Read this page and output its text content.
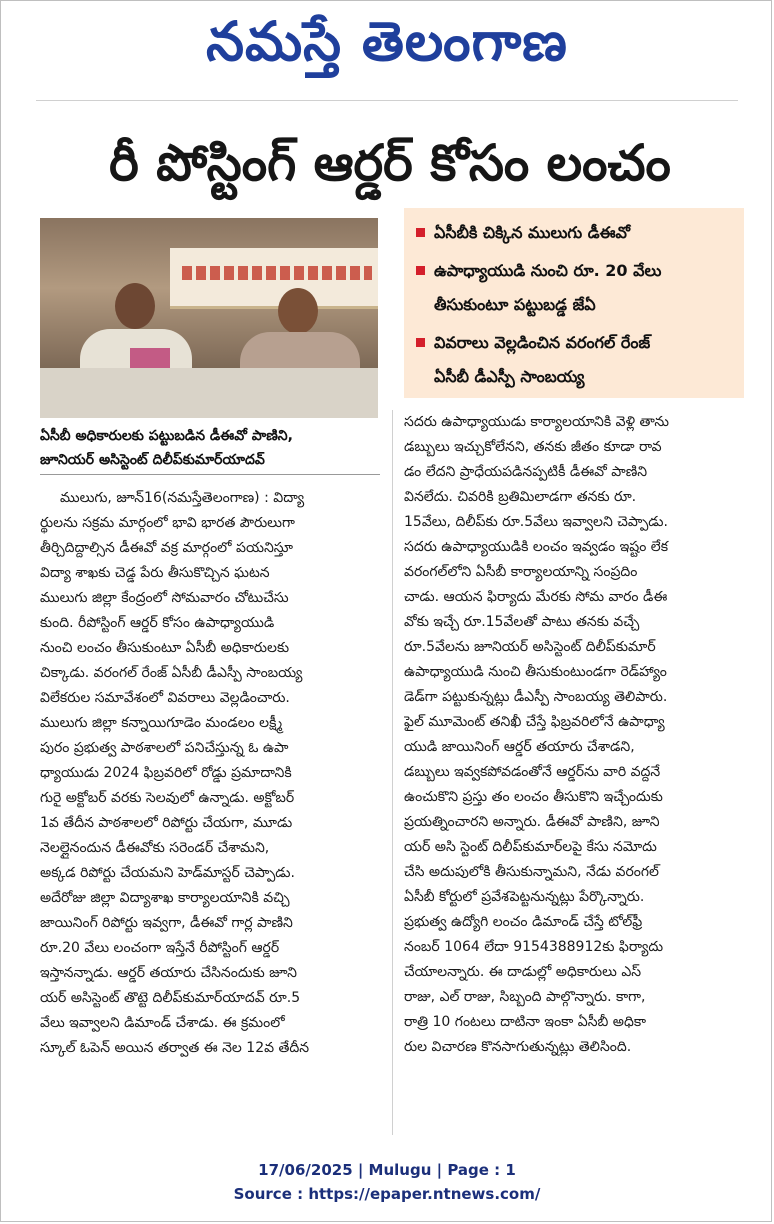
నమస్తే తెలంగాణ
రీ పోస్టింగ్ ఆర్డర్ కోసం లంచం
ఏసీబీ అధికారులకు పట్టుబడిన డీఈవో పాణిని,
జూనియర్ అసిస్టెంట్ దిలీప్‌కుమార్‌యాదవ్
ఏసీబీకి చిక్కిన ములుగు డీఈవో
ఉపాధ్యాయుడి నుంచి రూ. 20 వేలు
తీసుకుంటూ పట్టుబడ్డ జేఏ
వివరాలు వెల్లడించిన వరంగల్ రేంజ్
ఏసీబీ డీఎస్పీ సాంబయ్య

ములుగు, జూన్16(నమస్తేతెలంగాణ) : విద్యా

ర్థులను సక్రమ మార్గంలో భావి భారత పౌరులుగా

తీర్చిదిద్దాల్సిన డీఈవో వక్ర మార్గంలో పయనిస్తూ

విద్యా శాఖకు చెడ్డ పేరు తీసుకొచ్చిన ఘటన

ములుగు జిల్లా కేంద్రంలో సోమవారం చోటుచేసు

కుంది. రీపోస్టింగ్ ఆర్డర్ కోసం ఉపాధ్యాయుడి

నుంచి లంచం తీసుకుంటూ ఏసీబీ అధికారులకు

చిక్కాడు. వరంగల్ రేంజ్ ఏసీబీ డీఎస్పీ సాంబయ్య

విలేకరుల సమావేశంలో వివరాలు వెల్లడించారు.

ములుగు జిల్లా కన్నాయిగూడెం మండలం లక్ష్మీ

పురం ప్రభుత్వ పాఠశాలలో పనిచేస్తున్న ఓ ఉపా

ధ్యాయుడు 2024 ఫిబ్రవరిలో రోడ్డు ప్రమాదానికి

గురై అక్టోబర్ వరకు సెలవులో ఉన్నాడు. అక్టోబర్

1వ తేదీన పాఠశాలలో రిపోర్టు చేయగా, మూడు

నెలల్లైనందున డీఈవోకు సరెండర్ చేశామని,

అక్కడ రిపోర్టు చేయమని హెడ్‌మాస్టర్ చెప్పాడు.

అదేరోజు జిల్లా విద్యాశాఖ కార్యాలయానికి వచ్చి

జాయినింగ్ రిపోర్టు ఇవ్వగా, డీఈవో గార్ల పాణిని

రూ.20 వేలు లంచంగా ఇస్తేనే రీపోస్టింగ్ ఆర్డర్

ఇస్తానన్నాడు. ఆర్డర్ తయారు చేసినందుకు జూని

యర్ అసిస్టెంట్ తొట్టె దిలీప్‌కుమార్‌యాదవ్ రూ.5

వేలు ఇవ్వాలని డిమాండ్ చేశాడు. ఈ క్రమంలో

స్కూల్ ఓపెన్ అయిన తర్వాత ఈ నెల 12వ తేదీన

సదరు ఉపాధ్యాయుడు కార్యాలయానికి వెళ్లి తాను

డబ్బులు ఇచ్చుకోలేనని, తనకు జీతం కూడా రావ

డం లేదని ప్రాధేయపడినప్పటికీ డీఈవో పాణిని

వినలేదు. చివరికి బ్రతిమిలాడగా తనకు రూ.

15వేలు, దిలీప్‌కు రూ.5వేలు ఇవ్వాలని చెప్పాడు.

సదరు ఉపాధ్యాయుడికి లంచం ఇవ్వడం ఇష్టం లేక

వరంగల్‌లోని ఏసీబీ కార్యాలయాన్ని సంప్రదిం

చాడు. ఆయన ఫిర్యాదు మేరకు సోమ వారం డీఈ

వోకు ఇచ్చే రూ.15వేలతో పాటు తనకు వచ్చే

రూ.5వేలను జూనియర్ అసిస్టెంట్ దిలీప్‌కుమార్

ఉపాధ్యాయుడి నుంచి తీసుకుంటుండగా రెడ్‌హ్యాం

డెడ్‌గా పట్టుకున్నట్లు డీఎస్పీ సాంబయ్య తెలిపారు.

ఫైల్ మూమెంట్ తనిఖీ చేస్తే ఫిబ్రవరిలోనే ఉపాధ్యా

యుడి జాయినింగ్ ఆర్డర్ తయారు చేశాడని,

డబ్బులు ఇవ్వకపోవడంతోనే ఆర్డర్‌ను వారి వద్దనే

ఉంచుకొని ప్రస్తు తం లంచం తీసుకొని ఇచ్చేందుకు

ప్రయత్నించారని అన్నారు. డీఈవో పాణిని, జూని

యర్ అసి స్టెంట్ దిలీప్‌కుమార్‌లపై కేసు నమోదు

చేసి అదుపులోకి తీసుకున్నామని, నేడు వరంగల్

ఏసీబీ కోర్టులో ప్రవేశపెట్టనున్నట్లు పేర్కొన్నారు.

ప్రభుత్వ ఉద్యోగి లంచం డిమాండ్ చేస్తే టోల్‌ఫ్రీ

నంబర్ 1064 లేదా 9154388912కు ఫిర్యాదు

చేయాలన్నారు. ఈ దాడుల్లో అధికారులు ఎస్

రాజు, ఎల్ రాజు, సిబ్బంది పాల్గొన్నారు. కాగా,

రాత్రి 10 గంటలు దాటినా ఇంకా ఏసీబీ అధికా

రుల విచారణ కొనసాగుతున్నట్లు తెలిసింది.

17/06/2025 | Mulugu | Page : 1
Source : https://epaper.ntnews.com/
